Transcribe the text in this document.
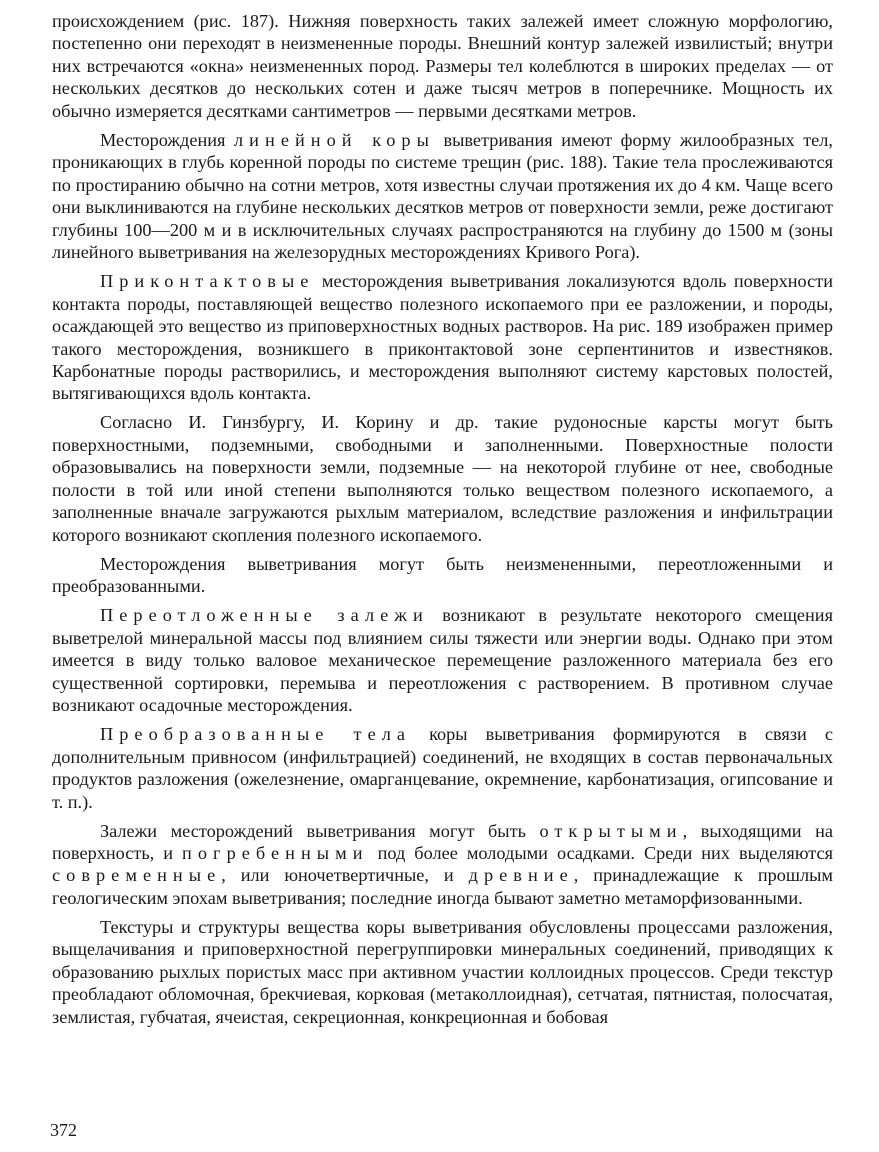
происхождением (рис. 187). Нижняя поверхность таких залежей имеет сложную морфологию, постепенно они переходят в неизмененные породы. Внешний контур залежей извилистый; внутри них встречаются «окна» неизмененных пород. Размеры тел колеблются в широких пределах — от нескольких десятков до нескольких сотен и даже тысяч метров в поперечнике. Мощность их обычно измеряется десятками сантиметров — первыми десятками метров.

Месторождения линейной коры выветривания имеют форму жилообразных тел, проникающих в глубь коренной породы по системе трещин (рис. 188). Такие тела прослеживаются по простиранию обычно на сотни метров, хотя известны случаи протяжения их до 4 км. Чаще всего они выклиниваются на глубине нескольких десятков метров от поверхности земли, реже достигают глубины 100—200 м и в исключительных случаях распространяются на глубину до 1500 м (зоны линейного выветривания на железорудных месторождениях Кривого Рога).

Приконтактовые месторождения выветривания локализуются вдоль поверхности контакта породы, поставляющей вещество полезного ископаемого при ее разложении, и породы, осаждающей это вещество из приповерхностных водных растворов. На рис. 189 изображен пример такого месторождения, возникшего в приконтактовой зоне серпентинитов и известняков. Карбонатные породы растворились, и месторождения выполняют систему карстовых полостей, вытягивающихся вдоль контакта.

Согласно И. Гинзбургу, И. Корину и др. такие рудоносные карсты могут быть поверхностными, подземными, свободными и заполненными. Поверхностные полости образовывались на поверхности земли, подземные — на некоторой глубине от нее, свободные полости в той или иной степени выполняются только веществом полезного ископаемого, а заполненные вначале загружаются рыхлым материалом, вследствие разложения и инфильтрации которого возникают скопления полезного ископаемого.

Месторождения выветривания могут быть неизмененными, переотложенными и преобразованными.

Переотложенные залежи возникают в результате некоторого смещения выветрелой минеральной массы под влиянием силы тяжести или энергии воды. Однако при этом имеется в виду только валовое механическое перемещение разложенного материала без его существенной сортировки, перемыва и переотложения с растворением. В противном случае возникают осадочные месторождения.

Преобразованные тела коры выветривания формируются в связи с дополнительным привносом (инфильтрацией) соединений, не входящих в состав первоначальных продуктов разложения (ожелезнение, омарганцевание, окремнение, карбонатизация, огипсование и т. п.).

Залежи месторождений выветривания могут быть открытыми, выходящими на поверхность, и погребенными под более молодыми осадками. Среди них выделяются современные, или юночетвертичные, и древние, принадлежащие к прошлым геологическим эпохам выветривания; последние иногда бывают заметно метаморфизованными.

Текстуры и структуры вещества коры выветривания обусловлены процессами разложения, выщелачивания и приповерхностной перегруппировки минеральных соединений, приводящих к образованию рыхлых пористых масс при активном участии коллоидных процессов. Среди текстур преобладают обломочная, брекчиевая, корковая (метаколлоидная), сетчатая, пятнистая, полосчатая, землистая, губчатая, ячеистая, секреционная, конкреционная и бобовая

372
